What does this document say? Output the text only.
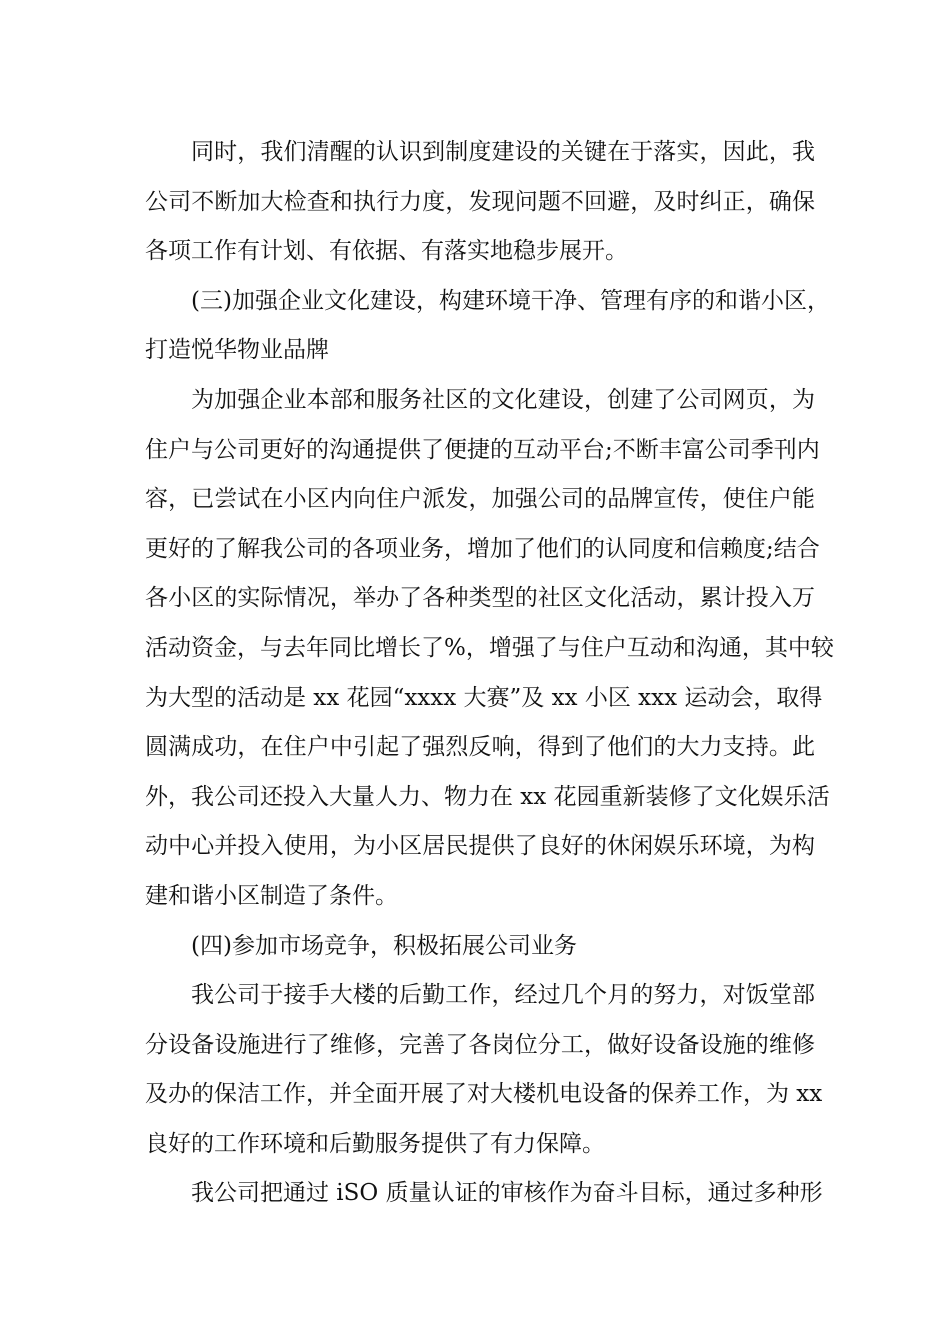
同时，我们清醒的认识到制度建设的关键在于落实，因此，我
公司不断加大检查和执行力度，发现问题不回避，及时纠正，确保
各项工作有计划、有依据、有落实地稳步展开。
(三)加强企业文化建设，构建环境干净、管理有序的和谐小区，
打造悦华物业品牌
为加强企业本部和服务社区的文化建设，创建了公司网页，为
住户与公司更好的沟通提供了便捷的互动平台;不断丰富公司季刊内
容，已尝试在小区内向住户派发，加强公司的品牌宣传，使住户能
更好的了解我公司的各项业务，增加了他们的认同度和信赖度;结合
各小区的实际情况，举办了各种类型的社区文化活动，累计投入万
活动资金，与去年同比增长了%，增强了与住户互动和沟通，其中较
为大型的活动是 xx 花园“xxxx 大赛”及 xx 小区 xxx 运动会，取得
圆满成功，在住户中引起了强烈反响，得到了他们的大力支持。此
外，我公司还投入大量人力、物力在 xx 花园重新装修了文化娱乐活
动中心并投入使用，为小区居民提供了良好的休闲娱乐环境，为构
建和谐小区制造了条件。
(四)参加市场竞争，积极拓展公司业务
我公司于接手大楼的后勤工作，经过几个月的努力，对饭堂部
分设备设施进行了维修，完善了各岗位分工，做好设备设施的维修
及办的保洁工作，并全面开展了对大楼机电设备的保养工作，为 xx
良好的工作环境和后勤服务提供了有力保障。
我公司把通过 iSO 质量认证的审核作为奋斗目标，通过多种形
